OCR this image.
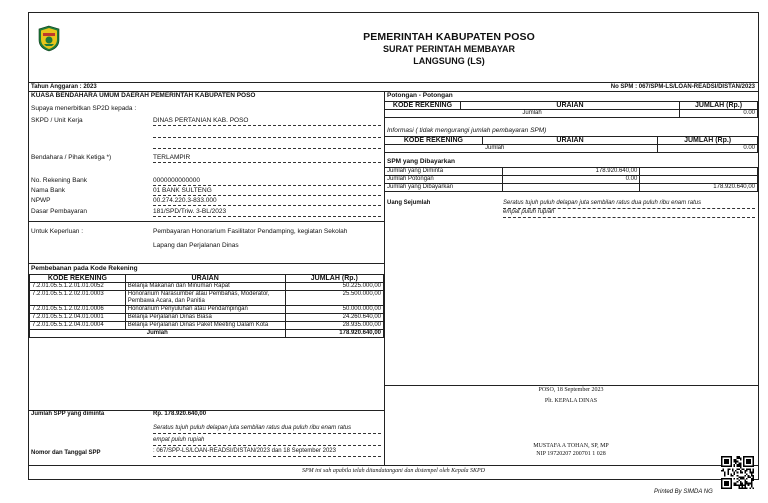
PEMERINTAH KABUPATEN POSO
SURAT PERINTAH MEMBAYAR
LANGSUNG (LS)
Tahun Anggaran : 2023	No SPM : 067/SPM-LS/LOAN-READSI/DISTAN/2023
KUASA BENDAHARA UMUM DAERAH PEMERINTAH KABUPATEN POSO
Supaya menerbitkan SP2D kepada :
SKPD / Unit Kerja	DINAS PERTANIAN KAB. POSO
Bendahara / Pihak Ketiga *)	TERLAMPIR
No. Rekening Bank	0000000000000
Nama Bank	01 BANK SULTENG
NPWP	00.274.220.3-833.000
Dasar Pembayaran	181/SPD/Triw. 3-BL/2023
Untuk Keperluan :	Pembayaran Honorarium Fasilitator Pendamping, kegiatan Sekolah
Lapang dan Perjalanan Dinas
Pembebanan pada Kode Rekening
KODE REKENING	URAIAN	JUMLAH (Rp.)
7.2.01.05.5.1.2.01.01.0052	Belanja Makanan dan Minuman Rapat	50.225.000,00
7.2.01.05.5.1.2.02.01.0003	Honorarium Narasumber atau Pembahas, Moderator,
Pembawa Acara, dan Panitia	25.500.000,00
7.2.01.05.5.1.2.02.01.0006	Honorarium Penyuluhan atau Pendampingan	50.000.000,00
7.2.01.05.5.1.2.04.01.0001	Belanja Perjalanan Dinas Biasa	24.260.640,00
7.2.01.05.5.1.2.04.01.0004	Belanja Perjalanan Dinas Paket Meeting Dalam Kota	28.935.000,00
Jumlah		178.920.640,00
Jumlah SPP yang diminta	Rp. 178.920.640,00
Seratus tujuh puluh delapan juta sembilan ratus dua puluh ribu enam ratus
empat puluh rupiah
Nomor dan Tanggal SPP	: 067/SPP-LS/LOAN-READSI/DISTAN/2023 dan 18 September 2023
Potongan - Potongan
KODE REKENING	URAIAN	JUMLAH (Rp.)
Jumlah		0.00
Informasi ( tidak mengurangi jumlah pembayaran SPM)
KODE REKENING	URAIAN	JUMLAH (Rp.)
Jumlah		0.00
SPM yang Dibayarkan
Jumlah yang Diminta	178.920.640,00	
Jumlah Potongan	0.00	
Jumlah yang Dibayarkan		178.920.640,00
Uang Sejumlah	Seratus tujuh puluh delapan juta sembilan ratus dua puluh ribu enam ratus
empat puluh rupiah
POSO, 18 September 2023
Plt. KEPALA DINAS
MUSTAFA A TOHAN, SP, MP
NIP 19720207 200701 1 028
SPM ini sah apabila telah ditandatangani dan distempel oleh Kepala SKPD
Printed By SIMDA NG
